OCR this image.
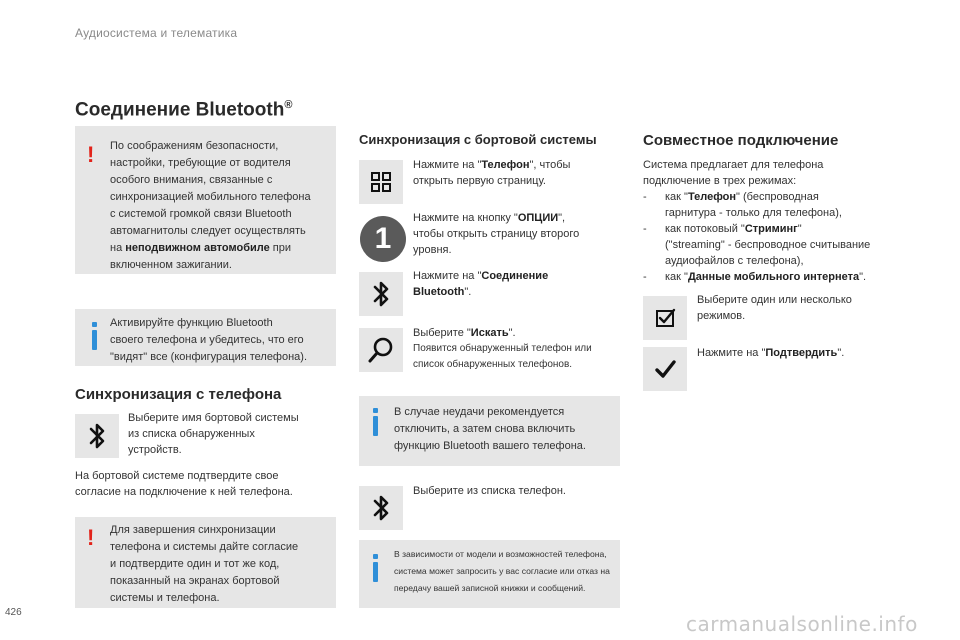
Аудиосистема и телематика
Соединение Bluetooth®
! По соображениям безопасности,
настройки, требующие от водителя
особого внимания, связанные с
синхронизацией мобильного телефона
с системой громкой связи Bluetooth
автомагнитолы следует осуществлять
на неподвижном автомобиле при
включенном зажигании.
Активируйте функцию Bluetooth
своего телефона и убедитесь, что его
"видят" все (конфигурация телефона).
Синхронизация с телефона
Выберите имя бортовой системы
из списка обнаруженных
устройств.
На бортовой системе подтвердите свое
согласие на подключение к ней телефона.
! Для завершения синхронизации
телефона и системы дайте согласие
и подтвердите один и тот же код,
показанный на экранах бортовой
системы и телефона.
Синхронизация с бортовой системы
1
Нажмите на "Телефон", чтобы
открыть первую страницу.
Нажмите на кнопку "ОПЦИИ",
чтобы открыть страницу второго
уровня.
Нажмите на "Соединение
Bluetooth".
Выберите "Искать".
Появится обнаруженный телефон или
список обнаруженных телефонов.
В случае неудачи рекомендуется
отключить, а затем снова включить
функцию Bluetooth вашего телефона.
Выберите из списка телефон.
В зависимости от модели и возможностей телефона,
система может запросить у вас согласие или отказ на
передачу вашей записной книжки и сообщений.
Совместное подключение
Система предлагает для телефона
подключение в трех режимах:
- как "Телефон" (беспроводная
гарнитура - только для телефона),
- как потоковый "Стриминг"
("streaming" - беспроводное считывание
аудиофайлов с телефона),
- как "Данные мобильного интернета".
Выберите один или несколько
режимов.
Нажмите на "Подтвердить".
426	carmanualsonline.info
